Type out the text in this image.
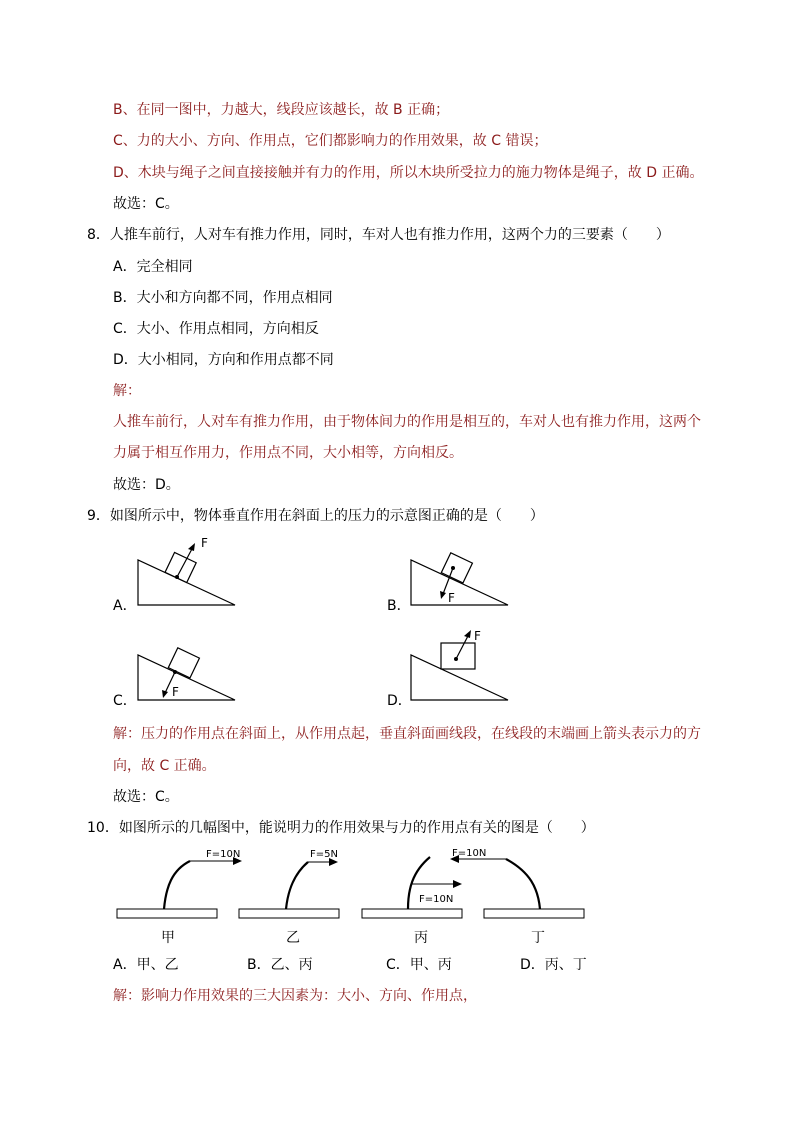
B、在同一图中，力越大，线段应该越长，故 B 正确；
C、力的大小、方向、作用点，它们都影响力的作用效果，故 C 错误；
D、木块与绳子之间直接接触并有力的作用，所以木块所受拉力的施力物体是绳子，故 D 正确。
故选：C。
8．人推车前行，人对车有推力作用，同时，车对人也有推力作用，这两个力的三要素（　　）
A．完全相同
B．大小和方向都不同，作用点相同
C．大小、作用点相同，方向相反
D．大小相同，方向和作用点都不同
解：
人推车前行，人对车有推力作用，由于物体间力的作用是相互的，车对人也有推力作用，这两个
力属于相互作用力，作用点不同，大小相等，方向相反。
故选：D。
9．如图所示中，物体垂直作用在斜面上的压力的示意图正确的是（　　）
A．
F
B．	F
C．
F
D．
F
解：压力的作用点在斜面上，从作用点起，垂直斜面画线段，在线段的末端画上箭头表示力的方
向，故 C 正确。
故选：C。
10．如图所示的几幅图中，能说明力的作用效果与力的作用点有关的图是（　　）
F=10N	F=5N
F=10N
F=10N
甲	乙	丙	丁
A．甲、乙	B．乙、丙	C．甲、丙	D．丙、丁
解：影响力作用效果的三大因素为：大小、方向、作用点，
